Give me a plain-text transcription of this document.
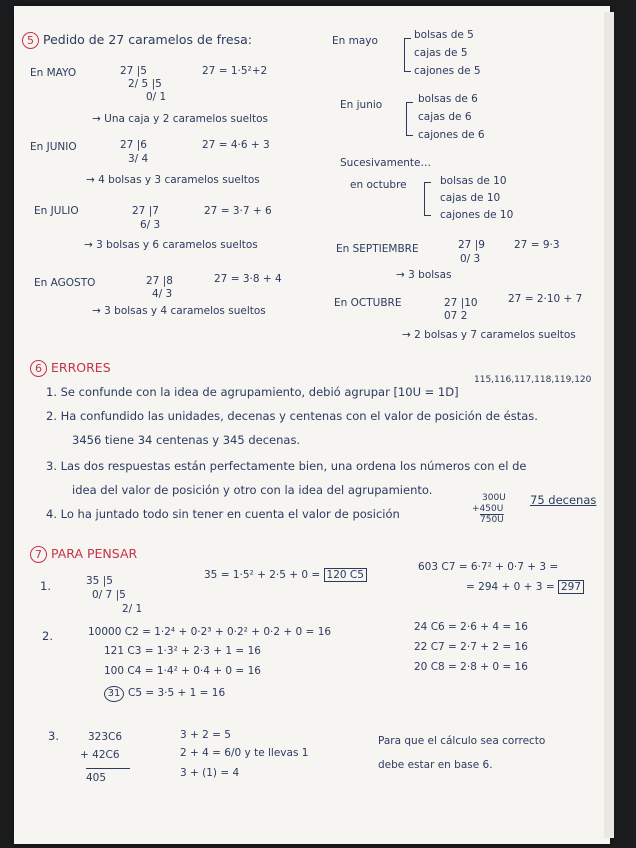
5 Pedido de 27 caramelos de fresa:
En MAYO	27 |5
2/ 5 |5
0/ 1
27 = 1·5²+2
→ Una caja y 2 caramelos sueltos
En JUNIO	27 |6
3/ 4
27 = 4·6 + 3
→ 4 bolsas y 3 caramelos sueltos
En JULIO	27 |7
6/ 3
27 = 3·7 + 6
→ 3 bolsas y 6 caramelos sueltos
En AGOSTO	27 |8
4/ 3
27 = 3·8 + 4
→ 3 bolsas y 4 caramelos sueltos
En mayo	bolsas de 5
cajas de 5
cajones de 5
En junio	bolsas de 6
cajas de 6
cajones de 6
Sucesivamente…
en octubre	bolsas de 10
cajas de 10
cajones de 10
En SEPTIEMBRE	27 |9
0/ 3
27 = 9·3
→ 3 bolsas
En OCTUBRE	27 |10
07 2
27 = 2·10 + 7
→ 2 bolsas y 7 caramelos sueltos
6 ERRORES
1. Se confunde con la idea de agrupamiento, debió agrupar [10U = 1D]
115,116,117,118,119,120
2. Ha confundido las unidades, decenas y centenas con el valor de posición de éstas.
3456 tiene 34 centenas y 345 decenas.
3. Las dos respuestas están perfectamente bien, una ordena los números con el de
idea del valor de posición y otro con la idea del agrupamiento.
4. Lo ha juntado todo sin tener en cuenta el valor de posición
300U
+450U
750U
75 decenas
7 PARA PENSAR
1.	35 |5
0/ 7 |5
2/ 1
35 = 1·5² + 2·5 + 0 = 120 C5
603 C7 = 6·7² + 0·7 + 3 =
= 294 + 0 + 3 = 297
2.	10000 C2 = 1·2⁴ + 0·2³ + 0·2² + 0·2 + 0 = 16
121 C3 = 1·3² + 2·3 + 1 = 16
100 C4 = 1·4² + 0·4 + 0 = 16
31 C5 = 3·5 + 1 = 16
24 C6 = 2·6 + 4 = 16
22 C7 = 2·7 + 2 = 16
20 C8 = 2·8 + 0 = 16
3.	323C6
+ 42C6
405
3 + 2 = 5
2 + 4 = 6/0 y te llevas 1
3 + (1) = 4
Para que el cálculo sea correcto
debe estar en base 6.
